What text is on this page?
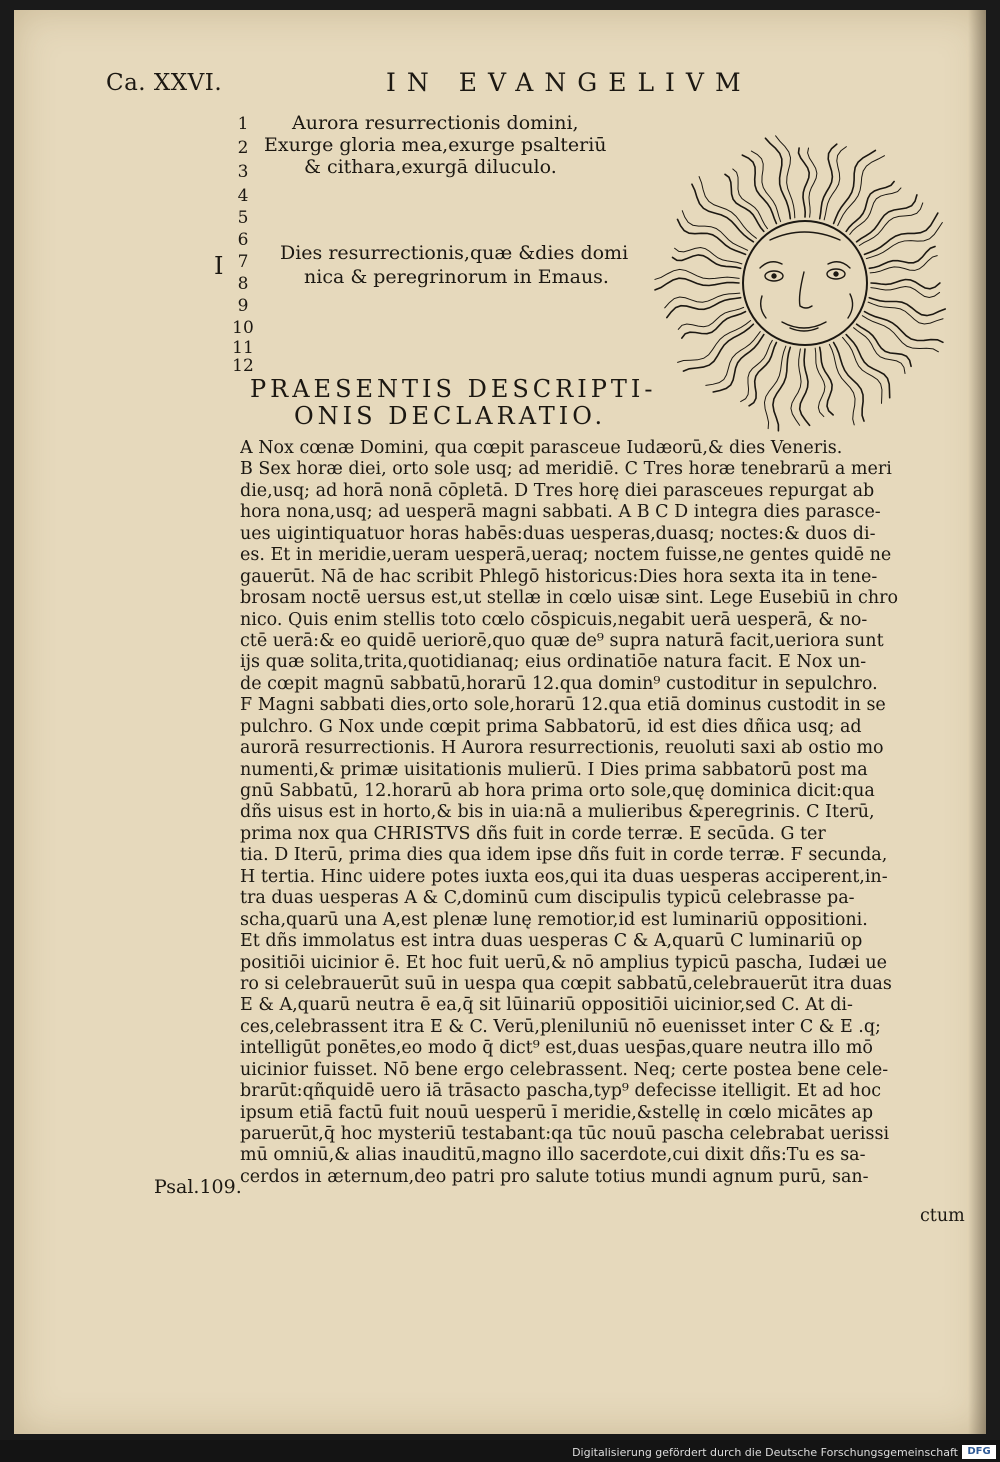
Ca. XXVI.	IN EVANGELIVM
1
2
3
4
5
6
7
8
9
10
11
12
I
Aurora resurrectionis domini,
Exurge gloria mea,exurge psalteriū
& cithara,exurgā diluculo.
Dies resurrectionis,quæ &dies domi
nica & peregrinorum in Emaus.
PRAESENTIS DESCRIPTI-
ONIS DECLARATIO.
A Nox cœnæ Domini, qua cœpit parasceue Iudæorū,& dies Veneris.
B Sex horæ diei, orto sole usq; ad meridiē. C Tres horæ tenebrarū a meri
die,usq; ad horā nonā cōpletā. D Tres horę diei parasceues repurgat ab
hora nona,usq; ad uesperā magni sabbati. A B C D integra dies parasce-
ues uigintiquatuor horas habēs:duas uesperas,duasq; noctes:& duos di-
es. Et in meridie,ueram uesperā,ueraq; noctem fuisse,ne gentes quidē ne
gauerūt. Nā de hac scribit Phlegō historicus:Dies hora sexta ita in tene-
brosam noctē uersus est,ut stellæ in cœlo uisæ sint. Lege Eusebiū in chro
nico. Quis enim stellis toto cœlo cōspicuis,negabit uerā uesperā, & no-
ctē uerā:& eo quidē ueriorē,quo quæ de⁹ supra naturā facit,ueriora sunt
ijs quæ solita,trita,quotidianaq; eius ordinatiōe natura facit. E Nox un-
de cœpit magnū sabbatū,horarū 12.qua domin⁹ custoditur in sepulchro.
F Magni sabbati dies,orto sole,horarū 12.qua etiā dominus custodit in se
pulchro. G Nox unde cœpit prima Sabbatorū, id est dies dñica usq; ad
aurorā resurrectionis. H Aurora resurrectionis, reuoluti saxi ab ostio mo
numenti,& primæ uisitationis mulierū. I Dies prima sabbatorū post ma
gnū Sabbatū, 12.horarū ab hora prima orto sole,quę dominica dicit:qua
dñs uisus est in horto,& bis in uia:nā a mulieribus &peregrinis. C Iterū,
prima nox qua CHRISTVS dñs fuit in corde terræ. E secūda. G ter
tia. D Iterū, prima dies qua idem ipse dñs fuit in corde terræ. F secunda,
H tertia. Hinc uidere potes iuxta eos,qui ita duas uesperas acciperent,in-
tra duas uesperas A & C,dominū cum discipulis typicū celebrasse pa-
scha,quarū una A,est plenæ lunę remotior,id est luminariū oppositioni.
Et dñs immolatus est intra duas uesperas C & A,quarū C luminariū op
positiōi uicinior ē. Et hoc fuit uerū,& nō amplius typicū pascha, Iudæi ue
ro si celebrauerūt suū in uespa qua cœpit sabbatū,celebrauerūt itra duas
E & A,quarū neutra ē ea,q̄ sit lūinariū oppositiōi uicinior,sed C. At di-
ces,celebrassent itra E & C. Verū,pleniluniū nō euenisset inter C & E .q;
intelligūt ponētes,eo modo q̄ dict⁹ est,duas uesp̄as,quare neutra illo mō
uicinior fuisset. Nō bene ergo celebrassent. Neq; certe postea bene cele-
brarūt:qñquidē uero iā trāsacto pascha,typ⁹ defecisse itelligit. Et ad hoc
ipsum etiā factū fuit nouū uesperū ī meridie,&stellę in cœlo micātes ap
paruerūt,q̄ hoc mysteriū testabant:qa tūc nouū pascha celebrabat uerissi
mū omniū,& alias inauditū,magno illo sacerdote,cui dixit dñs:Tu es sa-
cerdos in æternum,deo patri pro salute totius mundi agnum purū, san-
ctum
Psal.109.
Digitalisierung gefördert durch die Deutsche Forschungsgemeinschaft DFG
